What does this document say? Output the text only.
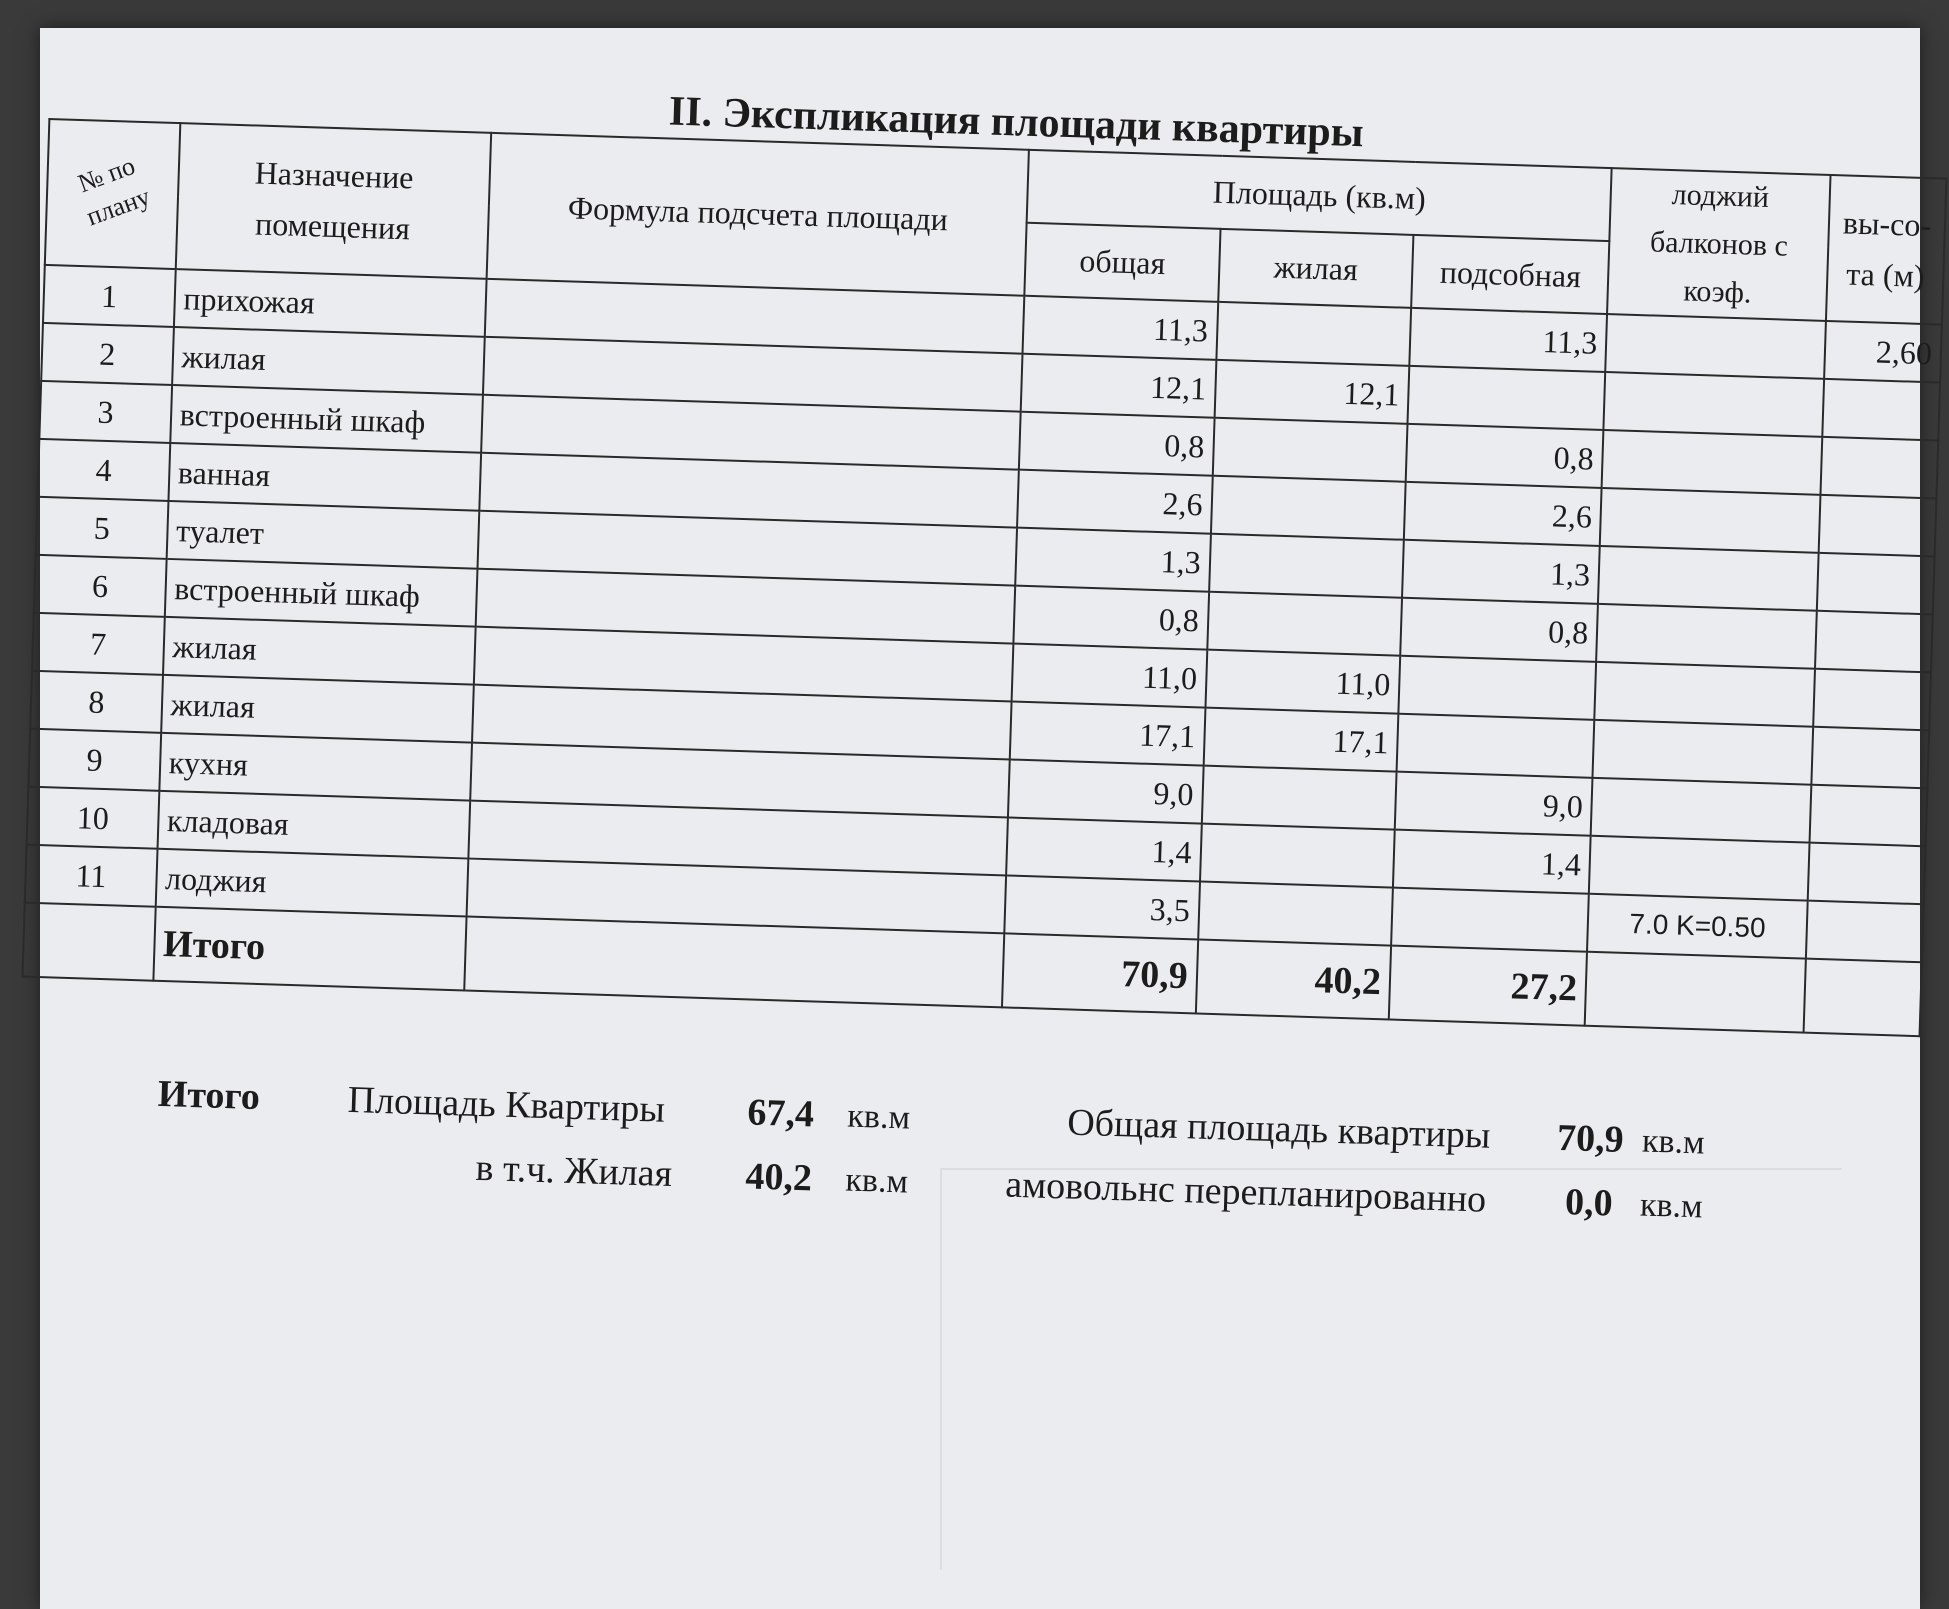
II. Экспликация площади квартиры
№ по плану	Назначение помещения	Формула подсчета площади	Площадь (кв.м)			лоджий балконов с коэф.	вы-со-та (м)
			общая	жилая	подсобная		
1	прихожая		11,3		11,3		2,60
2	жилая		12,1	12,1			
3	встроенный шкаф		0,8		0,8		
4	ванная		2,6		2,6		
5	туалет		1,3		1,3		
6	встроенный шкаф		0,8		0,8		
7	жилая		11,0	11,0			
8	жилая		17,1	17,1			
9	кухня		9,0		9,0		
10	кладовая		1,4		1,4		
11	лоджия		3,5			7.0 K=0.50	
	Итого		70,9	40,2	27,2		
Итого Площадь Квартиры 67,4 кв.м	Общая площадь квартиры 70,9 кв.м
в т.ч. Жилая 40,2 кв.м	амовольнс перепланированно 0,0 кв.м
